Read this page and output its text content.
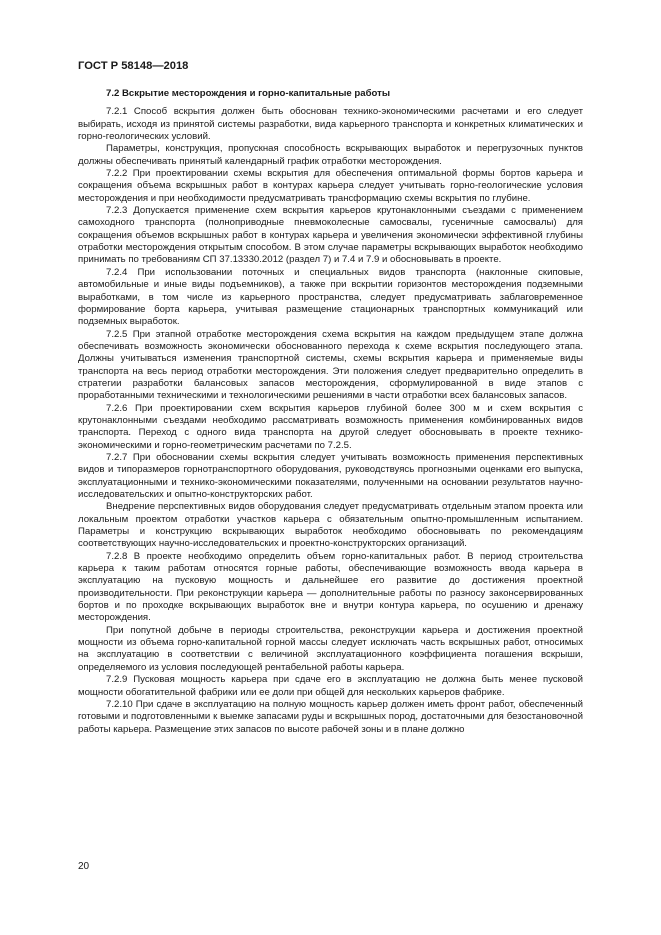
ГОСТ Р 58148—2018

7.2 Вскрытие месторождения и горно-капитальные работы

7.2.1 Способ вскрытия должен быть обоснован технико-экономическими расчетами и его следует выбирать, исходя из принятой системы разработки, вида карьерного транспорта и конкретных климатических и горно-геологических условий.

Параметры, конструкция, пропускная способность вскрывающих выработок и перегрузочных пунктов должны обеспечивать принятый календарный график отработки месторождения.

7.2.2 При проектировании схемы вскрытия для обеспечения оптимальной формы бортов карьера и сокращения объема вскрышных работ в контурах карьера следует учитывать горно-геологические условия месторождения и при необходимости предусматривать трансформацию схемы вскрытия по глубине.

7.2.3 Допускается применение схем вскрытия карьеров крутонаклонными съездами с применением самоходного транспорта (полноприводные пневмоколесные самосвалы, гусеничные самосвалы) для сокращения объемов вскрышных работ в контурах карьера и увеличения экономически эффективной глубины отработки месторождения открытым способом. В этом случае параметры вскрывающих выработок необходимо принимать по требованиям СП 37.13330.2012 (раздел 7) и 7.4 и 7.9 и обосновывать в проекте.

7.2.4 При использовании поточных и специальных видов транспорта (наклонные скиповые, автомобильные и иные виды подъемников), а также при вскрытии горизонтов месторождения подземными выработками, в том числе из карьерного пространства, следует предусматривать заблаговременное формирование борта карьера, учитывая размещение стационарных транспортных коммуникаций или подземных выработок.

7.2.5 При этапной отработке месторождения схема вскрытия на каждом предыдущем этапе должна обеспечивать возможность экономически обоснованного перехода к схеме вскрытия последующего этапа. Должны учитываться изменения транспортной системы, схемы вскрытия карьера и применяемые виды транспорта на весь период отработки месторождения. Эти положения следует предварительно определить в стратегии разработки балансовых запасов месторождения, сформулированной в виде этапов с проработанными техническими и технологическими решениями в части отработки всех балансовых запасов.

7.2.6 При проектировании схем вскрытия карьеров глубиной более 300 м и схем вскрытия с крутонаклонными съездами необходимо рассматривать возможность применения комбинированных видов транспорта. Переход с одного вида транспорта на другой следует обосновывать в проекте технико-экономическими и горно-геометрическим расчетами по 7.2.5.

7.2.7 При обосновании схемы вскрытия следует учитывать возможность применения перспективных видов и типоразмеров горнотранспортного оборудования, руководствуясь прогнозными оценками его выпуска, эксплуатационными и технико-экономическими показателями, полученными на основании результатов научно-исследовательских и опытно-конструкторских работ.

Внедрение перспективных видов оборудования следует предусматривать отдельным этапом проекта или локальным проектом отработки участков карьера с обязательным опытно-промышленным испытанием. Параметры и конструкцию вскрывающих выработок необходимо обосновывать по рекомендациям соответствующих научно-исследовательских и проектно-конструкторских организаций.

7.2.8 В проекте необходимо определить объем горно-капитальных работ. В период строительства карьера к таким работам относятся горные работы, обеспечивающие возможность ввода карьера в эксплуатацию на пусковую мощность и дальнейшее его развитие до достижения проектной производительности. При реконструкции карьера — дополнительные работы по разносу законсервированных бортов и по проходке вскрывающих выработок вне и внутри контура карьера, по осушению и дренажу месторождения.

При попутной добыче в периоды строительства, реконструкции карьера и достижения проектной мощности из объема горно-капитальной горной массы следует исключать часть вскрышных работ, относимых на эксплуатацию в соответствии с величиной эксплуатационного коэффициента погашения вскрыши, определяемого из условия последующей рентабельной работы карьера.

7.2.9 Пусковая мощность карьера при сдаче его в эксплуатацию не должна быть менее пусковой мощности обогатительной фабрики или ее доли при общей для нескольких карьеров фабрике.

7.2.10 При сдаче в эксплуатацию на полную мощность карьер должен иметь фронт работ, обеспеченный готовыми и подготовленными к выемке запасами руды и вскрышных пород, достаточными для безостановочной работы карьера. Размещение этих запасов по высоте рабочей зоны и в плане должно

20
